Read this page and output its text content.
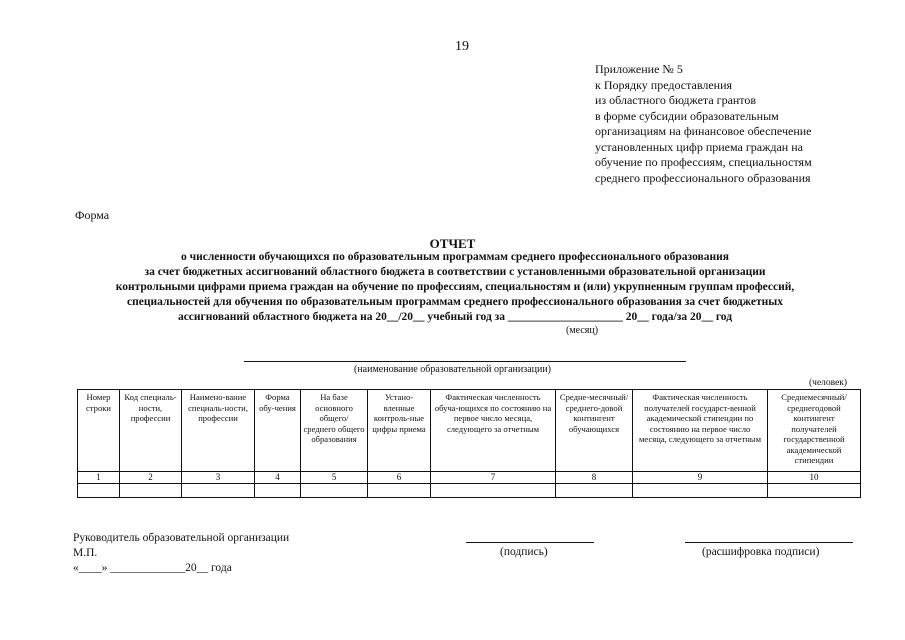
19
Приложение № 5
к Порядку предоставления
из областного бюджета грантов
в форме субсидии образовательным
организациям на финансовое обеспечение
установленных цифр приема граждан на
обучение по профессиям, специальностям
среднего профессионального образования
Форма
ОТЧЕТ
о численности обучающихся по образовательным программам среднего профессионального образования
за счет бюджетных ассигнований областного бюджета в соответствии с установленными образовательной организации
контрольными цифрами приема граждан на обучение по профессиям, специальностям и (или) укрупненным группам профессий,
специальностей для обучения по образовательным программам среднего профессионального образования за счет бюджетных
ассигнований областного бюджета на 20__/20__ учебный год за ____________________ 20__ года/за 20__ год
(месяц)
(наименование образовательной организации)
(человек)
Номер строки	Код специаль-ности, профессии	Наимено-вание специаль-ности, профессии	Форма обу-чения	На базе основного общего/ среднего общего образования	Устано-вленные контроль-ные цифры приема	Фактическая численность обуча-ющихся по состоянию на первое число месяца, следующего за отчетным	Средне-месячный/ среднего-довой контингент обучающихся	Фактическая численность получателей государст-венной академической стипендии по состоянию на первое число месяца, следующего за отчетным	Среднемесячный/ среднегодовой контингент получателей государственной академической стипендии
1	2	3	4	5	6	7	8	9	10

Руководитель образовательной организации
М.П.
«____» _____________20__ года
(подпись)	(расшифровка подписи)
